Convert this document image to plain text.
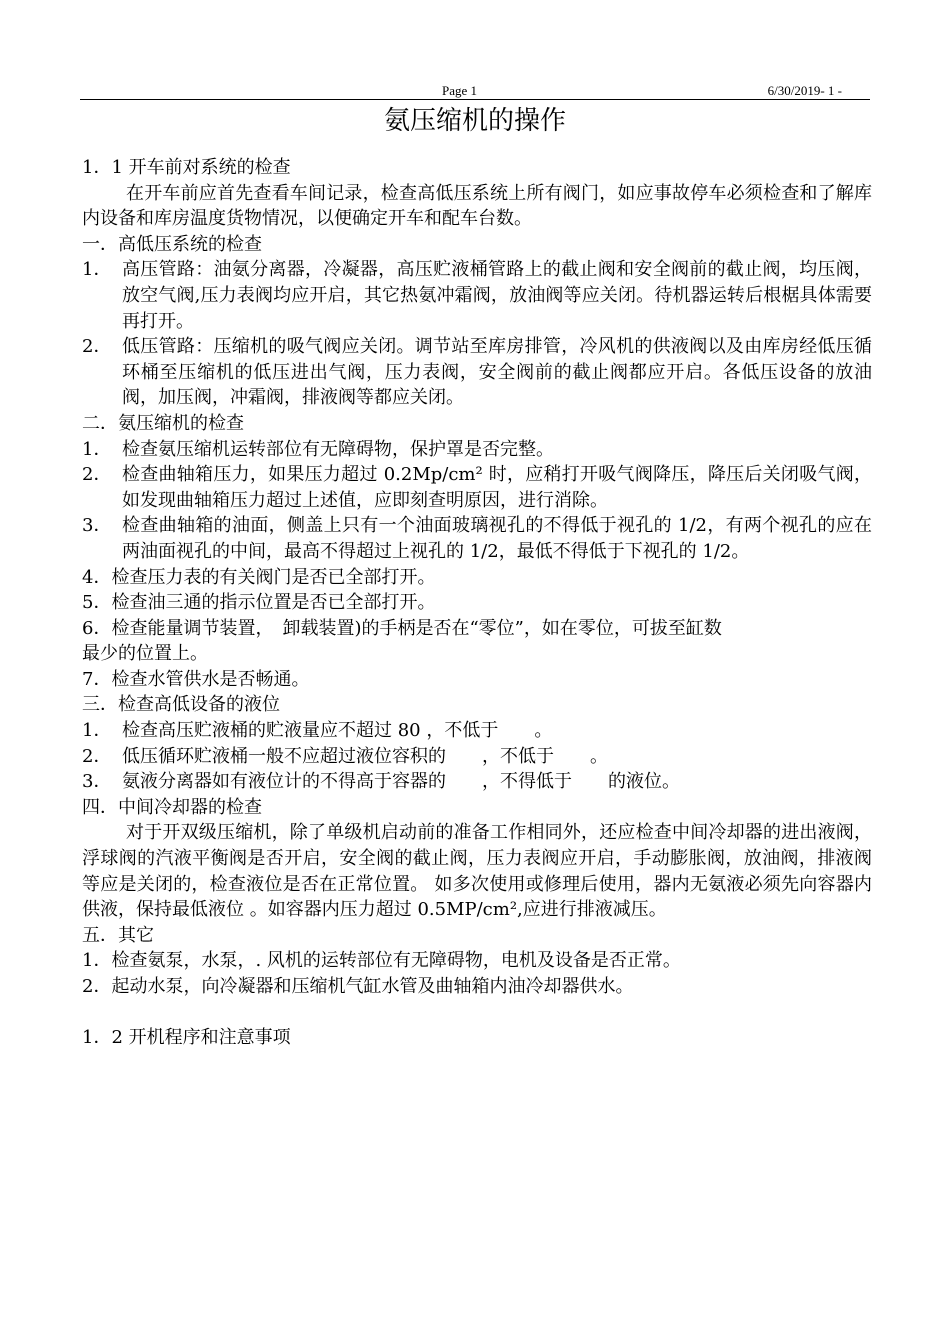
Page 1	6/30/2019- 1 -
氨压缩机的操作

1．1 开车前对系统的检查

在开车前应首先查看车间记录，检查高低压系统上所有阀门，如应事故停车必须检查和了解库内设备和库房温度货物情况，以便确定开车和配车台数。

一．高低压系统的检查

1． 高压管路：油氨分离器，冷凝器，高压贮液桶管路上的截止阀和安全阀前的截止阀，均压阀，放空气阀,压力表阀均应开启，其它热氨冲霜阀，放油阀等应关闭。待机器运转后根椐具体需要再打开。

2． 低压管路：压缩机的吸气阀应关闭。调节站至库房排管，冷风机的供液阀以及由库房经低压循环桶至压缩机的低压进出气阀，压力表阀，安全阀前的截止阀都应开启。各低压设备的放油阀，加压阀，冲霜阀，排液阀等都应关闭。

二．氨压缩机的检查

1． 检查氨压缩机运转部位有无障碍物，保护罩是否完整。

2． 检查曲轴箱压力，如果压力超过 0.2Mp/cm² 时，应稍打开吸气阀降压，降压后关闭吸气阀，如发现曲轴箱压力超过上述值，应即刻查明原因，进行消除。

3． 检查曲轴箱的油面，侧盖上只有一个油面玻璃视孔的不得低于视孔的 1/2，有两个视孔的应在两油面视孔的中间，最高不得超过上视孔的 1/2，最低不得低于下视孔的 1/2。

4．检查压力表的有关阀门是否已全部打开。

5．检查油三通的指示位置是否已全部打开。

6．检查能量调节装置，　卸载装置)的手柄是否在“零位”，如在零位，可拔至缸数最少的位置上。

7．检查水管供水是否畅通。

三．检查高低设备的液位

1． 检查高压贮液桶的贮液量应不超过 80 ，不低于　　。

2． 低压循环贮液桶一般不应超过液位容积的　　，不低于　　。

3． 氨液分离器如有液位计的不得高于容器的　　，不得低于　　的液位。

四．中间冷却器的检查

对于开双级压缩机，除了单级机启动前的准备工作相同外，还应检查中间冷却器的进出液阀，浮球阀的汽液平衡阀是否开启，安全阀的截止阀，压力表阀应开启，手动膨胀阀，放油阀，排液阀等应是关闭的，检查液位是否在正常位置。 如多次使用或修理后使用，器内无氨液必须先向容器内供液，保持最低液位 。如容器内压力超过 0.5MP/cm²,应进行排液减压。

五．其它

1．检查氨泵，水泵，. 风机的运转部位有无障碍物，电机及设备是否正常。

2．起动水泵，向冷凝器和压缩机气缸水管及曲轴箱内油冷却器供水。

1．2 开机程序和注意事项
